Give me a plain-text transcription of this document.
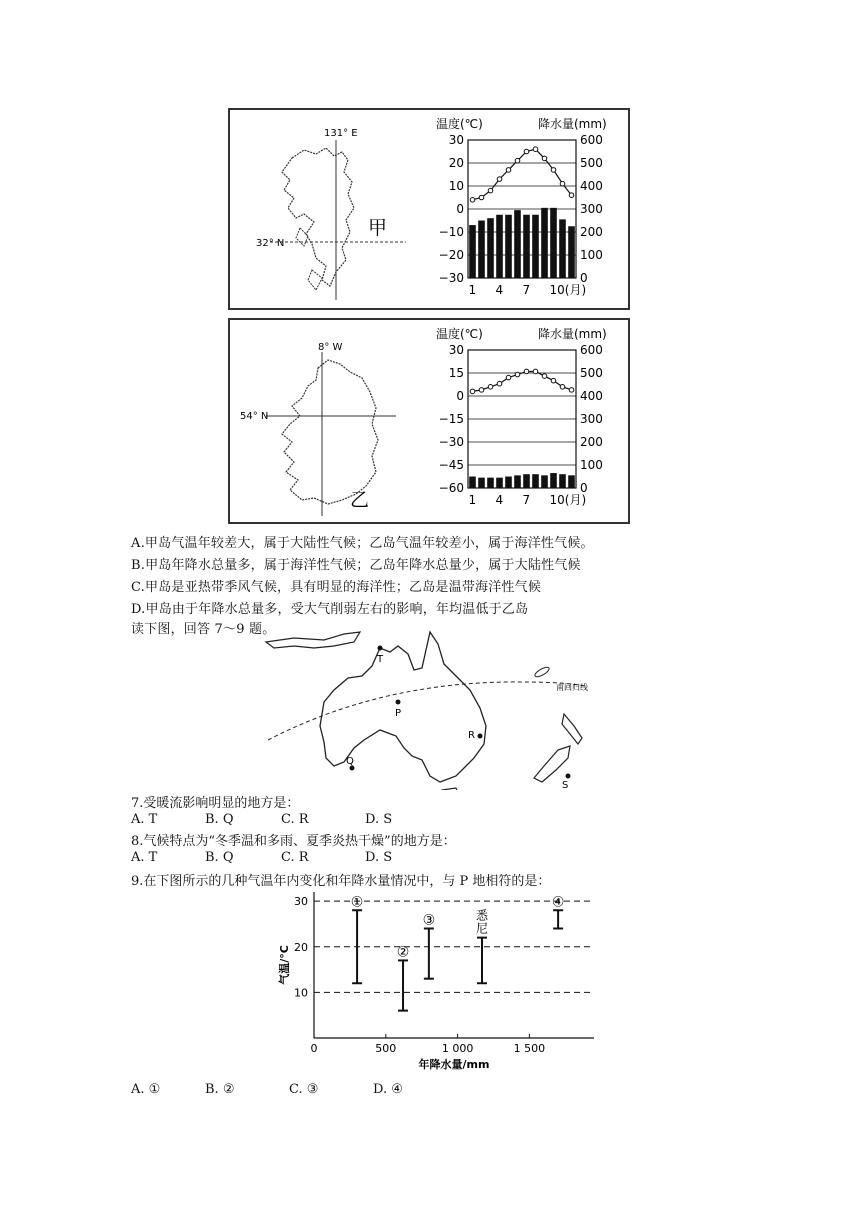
131° E
32° N
甲
温度(℃)	降水量(mm)
30	600
20	500
10	400
0	300
−10	200
−20	100
−30	0
1 4 7 10(月)
8° W
54° N
乙
温度(℃)	降水量(mm)
30	600
15	500
0	400
−15	300
−30	200
−45	100
−60	0
1 4 7 10(月)
A.甲岛气温年较差大，属于大陆性气候；乙岛气温年较差小，属于海洋性气候。
B.甲岛年降水总量多，属于海洋性气候；乙岛年降水总量少，属于大陆性气候
C.甲岛是亚热带季风气候，具有明显的海洋性；乙岛是温带海洋性气候
D.甲岛由于年降水总量多，受大气削弱左右的影响，年均温低于乙岛
读下图，回答 7～9 题。
南回归线
T
P
Q
R
S
7.受暖流影响明显的地方是：
A. T	B. Q	C. R	D. S
8.气候特点为“冬季温和多雨、夏季炎热干燥”的地方是：
A. T	B. Q	C. R	D. S
9.在下图所示的几种气温年内变化和年降水量情况中，与 P 地相符的是：
30
20
10
0	500	1 000	1 500
年降水量/mm
气温/°C
①
②
③	悉
尼
④
A. ①	B. ②	C. ③	D. ④
